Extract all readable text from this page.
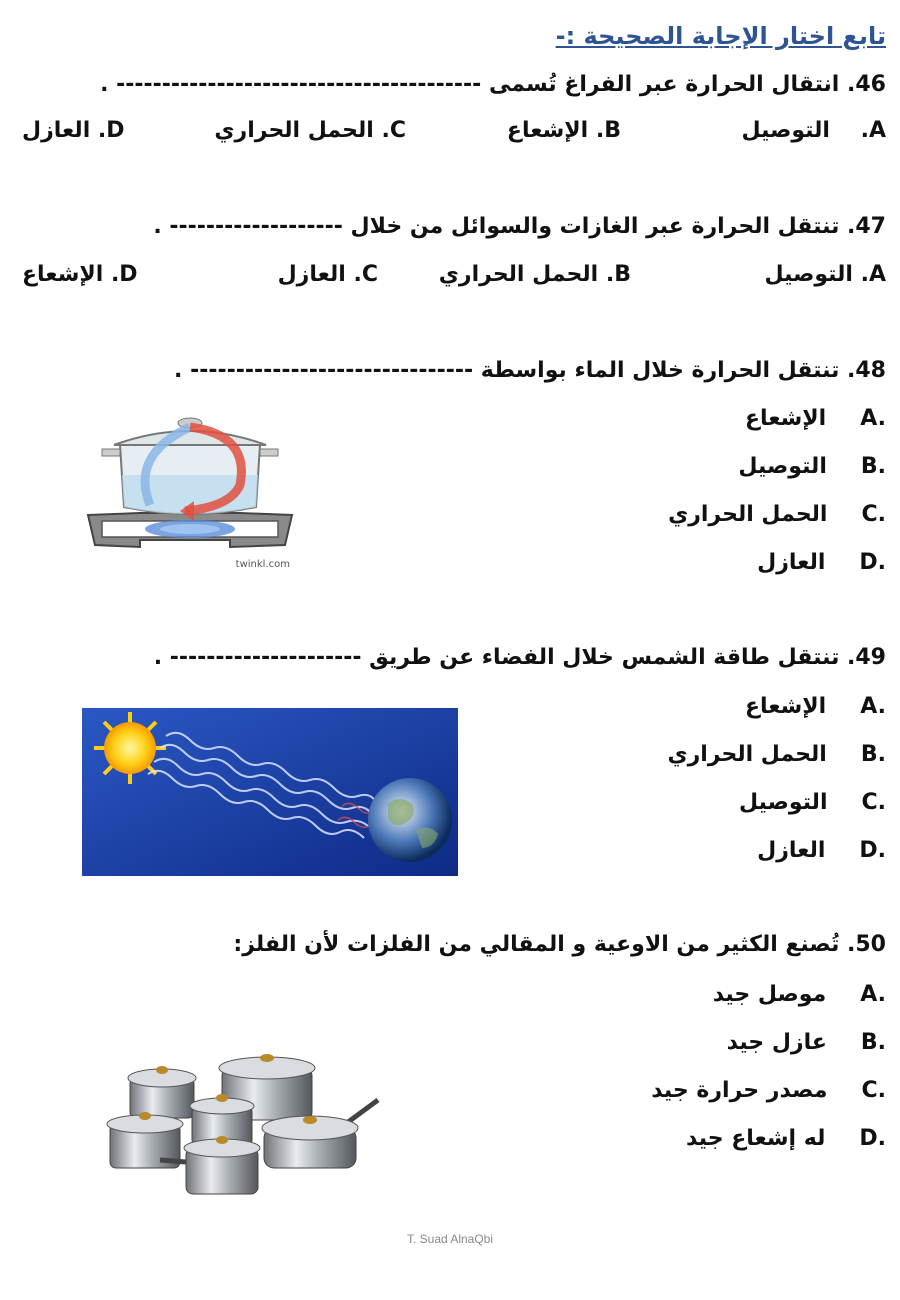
تابع اختار الإجابة الصحيحة :-
46. انتقال الحرارة عبر الفراغ تُسمى ---------------------------------------- .
A.    التوصيل
B. الإشعاع
C. الحمل الحراري
D. العازل
47. تنتقل الحرارة عبر الغازات والسوائل من خلال ------------------- .
A. التوصيل
B. الحمل الحراري
C. العازل
D. الإشعاع
48. تنتقل الحرارة خلال الماء بواسطة ------------------------------- .
A.
الإشعاع
B.
التوصيل
C.
الحمل الحراري
D.
العازل
twinkl.com
49. تنتقل طاقة الشمس خلال الفضاء عن طريق --------------------- .
A.
الإشعاع
B.
الحمل الحراري
C.
التوصيل
D.
العازل
50. تُصنع الكثير من الاوعية و المقالي من الفلزات لأن الفلز:
A.
موصل جيد
B.
عازل جيد
C.
مصدر حرارة جيد
D.
له إشعاع جيد
T. Suad AlnaQbi
